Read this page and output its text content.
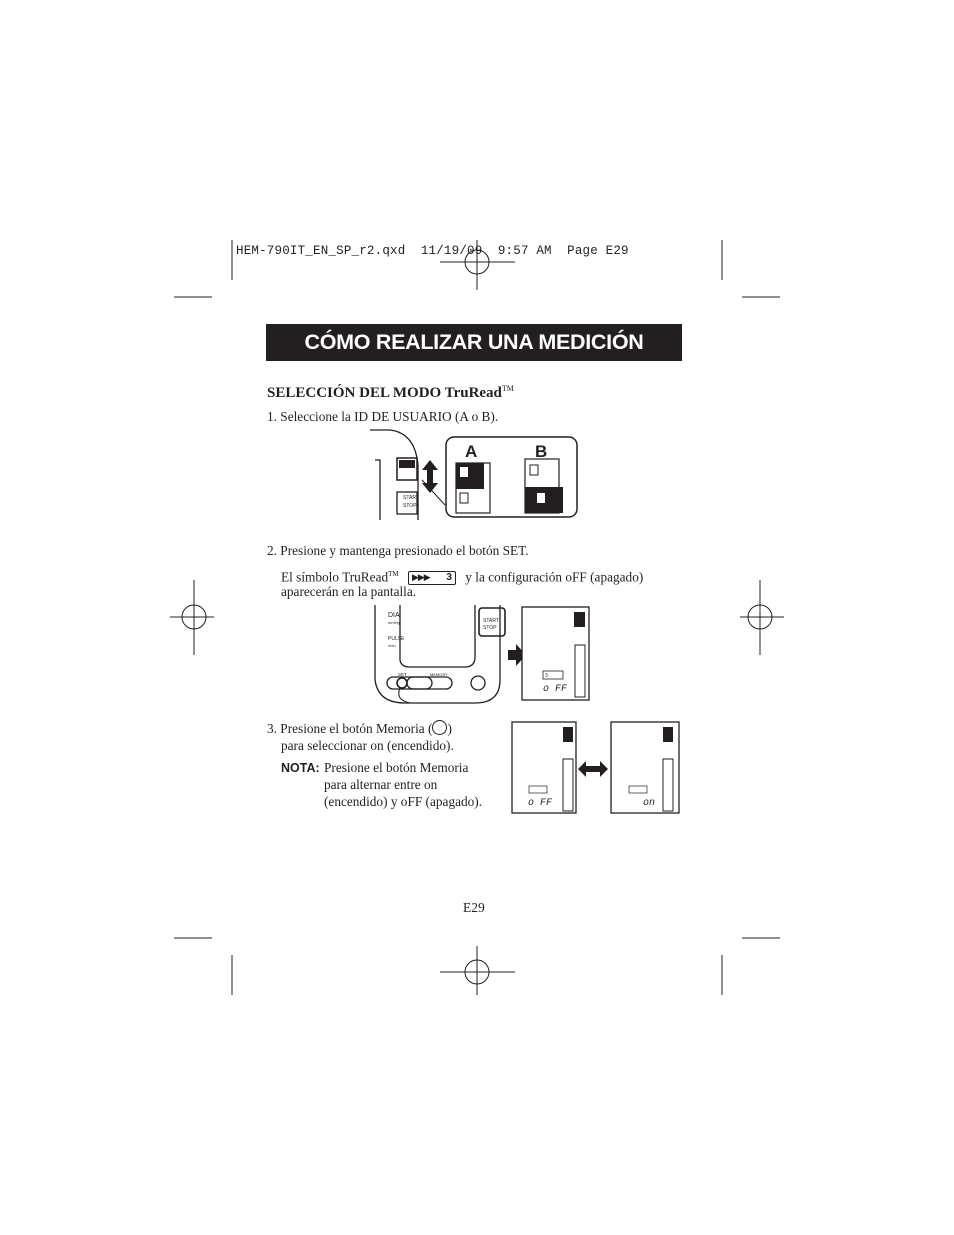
HEM-790IT_EN_SP_r2.qxd  11/19/09  9:57 AM  Page E29
CÓMO REALIZAR UNA MEDICIÓN
SELECCIÓN DEL MODO TruRead™
1. Seleccione la ID DE USUARIO (A o B).
START
STOP
A	B
2. Presione y mantenga presionado el botón SET.
El símbolo TruRead™ ▶▶▶ 3 y la configuración oFF (apagado)
aparecerán en la pantalla.
DIA
mmHg
PULSE
/min
START
STOP
SET	MEMORY	3
o FF
3. Presione el botón Memoria ( )
para seleccionar on (encendido).
NOTA: Presione el botón Memoria
para alternar entre on
(encendido) y oFF (apagado).	o FF	on
E29
